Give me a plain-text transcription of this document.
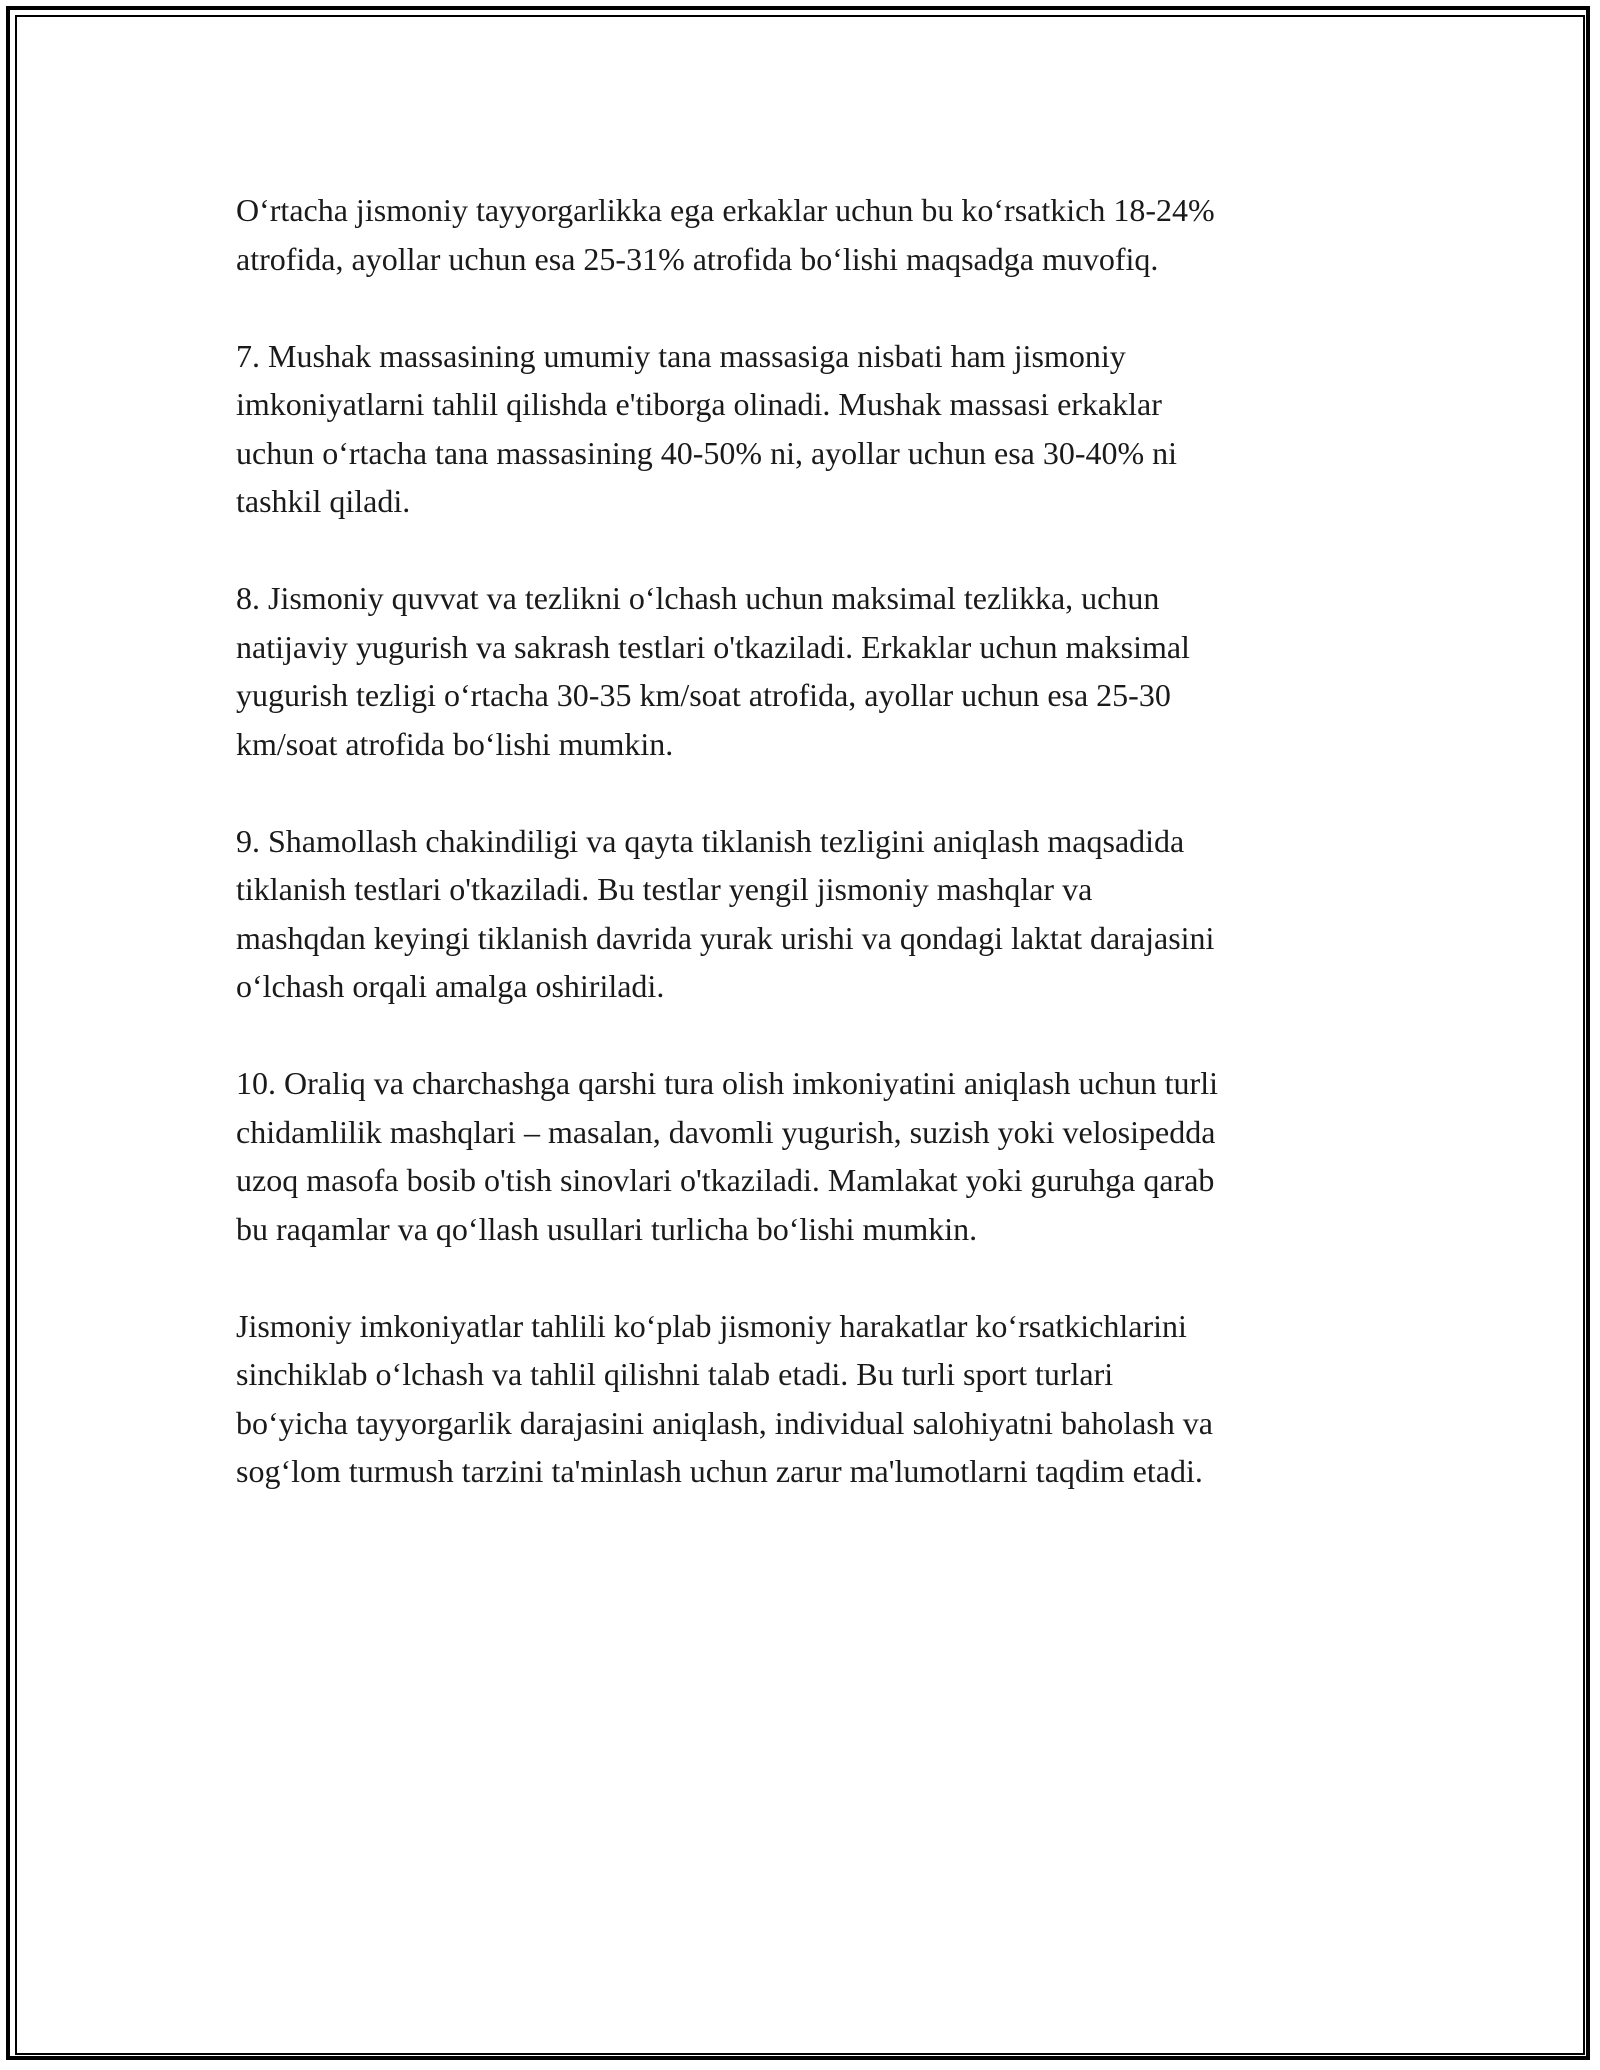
O‘rtacha jismoniy tayyorgarlikka ega erkaklar uchun bu ko‘rsatkich 18-24%
atrofida, ayollar uchun esa 25-31% atrofida bo‘lishi maqsadga muvofiq.

7. Mushak massasining umumiy tana massasiga nisbati ham jismoniy
imkoniyatlarni tahlil qilishda e'tiborga olinadi. Mushak massasi erkaklar
uchun o‘rtacha tana massasining 40-50% ni, ayollar uchun esa 30-40% ni
tashkil qiladi.

8. Jismoniy quvvat va tezlikni o‘lchash uchun maksimal tezlikka, uchun
natijaviy yugurish va sakrash testlari o'tkaziladi. Erkaklar uchun maksimal
yugurish tezligi o‘rtacha 30-35 km/soat atrofida, ayollar uchun esa 25-30
km/soat atrofida bo‘lishi mumkin.

9. Shamollash chakindiligi va qayta tiklanish tezligini aniqlash maqsadida
tiklanish testlari o'tkaziladi. Bu testlar yengil jismoniy mashqlar va
mashqdan keyingi tiklanish davrida yurak urishi va qondagi laktat darajasini
o‘lchash orqali amalga oshiriladi.

10. Oraliq va charchashga qarshi tura olish imkoniyatini aniqlash uchun turli
chidamlilik mashqlari – masalan, davomli yugurish, suzish yoki velosipedda
uzoq masofa bosib o'tish sinovlari o'tkaziladi. Mamlakat yoki guruhga qarab
bu raqamlar va qo‘llash usullari turlicha bo‘lishi mumkin.

Jismoniy imkoniyatlar tahlili ko‘plab jismoniy harakatlar ko‘rsatkichlarini
sinchiklab o‘lchash va tahlil qilishni talab etadi. Bu turli sport turlari
bo‘yicha tayyorgarlik darajasini aniqlash, individual salohiyatni baholash va
sog‘lom turmush tarzini ta'minlash uchun zarur ma'lumotlarni taqdim etadi.
